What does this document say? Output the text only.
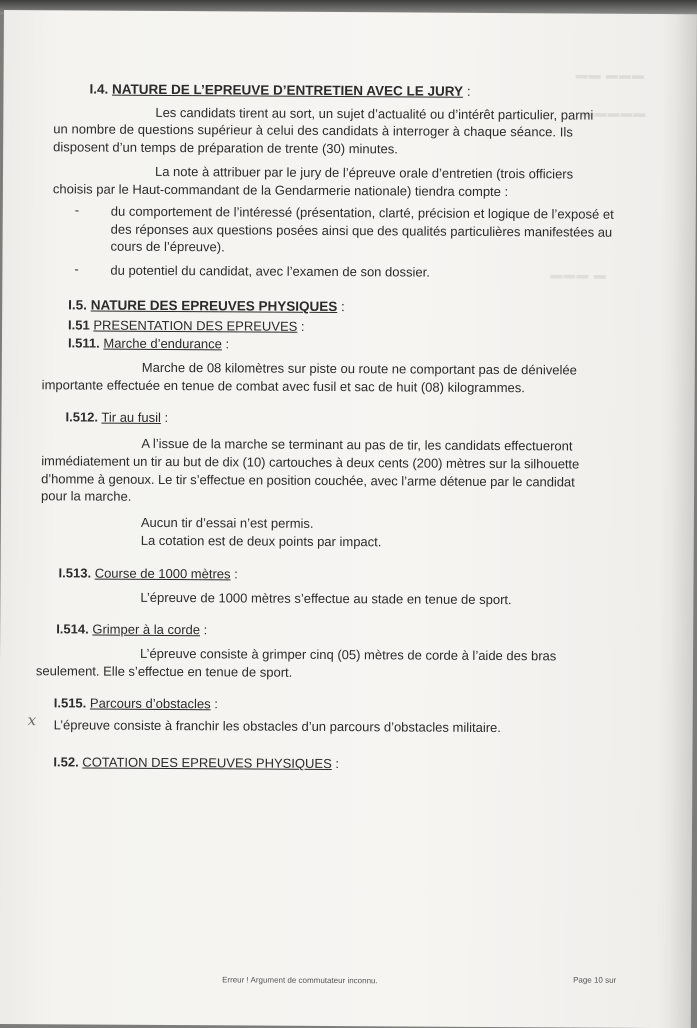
▬▬ ▬▬▬
▬▬▬▬▬
▬▬▬ ▬
I.4. NATURE DE L’EPREUVE D’ENTRETIEN AVEC LE JURY :
Les candidats tirent au sort, un sujet d’actualité ou d’intérêt particulier, parmi
un nombre de questions supérieur à celui des candidats à interroger à chaque séance. Ils
disposent d’un temps de préparation de trente (30) minutes.
La note à attribuer par le jury de l’épreuve orale d’entretien (trois officiers
choisis par le Haut-commandant de la Gendarmerie nationale) tiendra compte :
- du comportement de l’intéressé (présentation, clarté, précision et logique de l’exposé et
des réponses aux questions posées ainsi que des qualités particulières manifestées au
cours de l’épreuve).
- du potentiel du candidat, avec l’examen de son dossier.
I.5. NATURE DES EPREUVES PHYSIQUES :
I.51 PRESENTATION DES EPREUVES :
I.511. Marche d’endurance :
Marche de 08 kilomètres sur piste ou route ne comportant pas de dénivelée
importante effectuée en tenue de combat avec fusil et sac de huit (08) kilogrammes.
I.512. Tir au fusil :
A l’issue de la marche se terminant au pas de tir, les candidats effectueront
immédiatement un tir au but de dix (10) cartouches à deux cents (200) mètres sur la silhouette
d’homme à genoux. Le tir s’effectue en position couchée, avec l’arme détenue par le candidat
pour la marche.
Aucun tir d’essai n’est permis.
La cotation est de deux points par impact.
I.513. Course de 1000 mètres :
L’épreuve de 1000 mètres s’effectue au stade en tenue de sport.
I.514. Grimper à la corde :
L’épreuve consiste à grimper cinq (05) mètres de corde à l’aide des bras
seulement. Elle s’effectue en tenue de sport.
I.515. Parcours d’obstacles :
x L’épreuve consiste à franchir les obstacles d’un parcours d’obstacles militaire.
I.52. COTATION DES EPREUVES PHYSIQUES :
Erreur ! Argument de commutateur inconnu.	Page 10 sur
